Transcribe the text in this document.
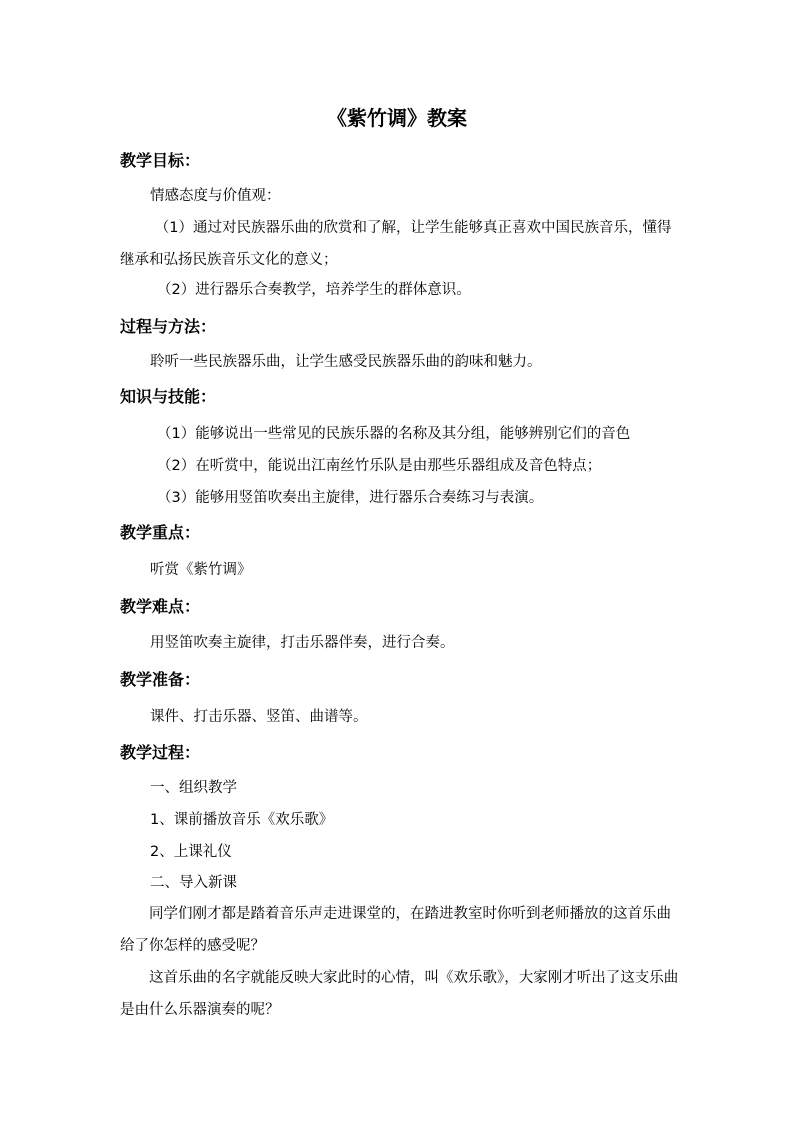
《紫竹调》教案
教学目标：
情感态度与价值观：
（1）通过对民族器乐曲的欣赏和了解，让学生能够真正喜欢中国民族音乐，懂得继承和弘扬民族音乐文化的意义；
（2）进行器乐合奏教学，培养学生的群体意识。
过程与方法：
聆听一些民族器乐曲，让学生感受民族器乐曲的韵味和魅力。
知识与技能：
（1）能够说出一些常见的民族乐器的名称及其分组，能够辨别它们的音色
（2）在听赏中，能说出江南丝竹乐队是由那些乐器组成及音色特点；
（3）能够用竖笛吹奏出主旋律，进行器乐合奏练习与表演。
教学重点：
听赏《紫竹调》
教学难点：
用竖笛吹奏主旋律，打击乐器伴奏，进行合奏。
教学准备：
课件、打击乐器、竖笛、曲谱等。
教学过程：
一、组织教学
1、课前播放音乐《欢乐歌》
2、上课礼仪
二、导入新课
同学们刚才都是踏着音乐声走进课堂的，在踏进教室时你听到老师播放的这首乐曲给了你怎样的感受呢？
这首乐曲的名字就能反映大家此时的心情，叫《欢乐歌》，大家刚才听出了这支乐曲是由什么乐器演奏的呢？
